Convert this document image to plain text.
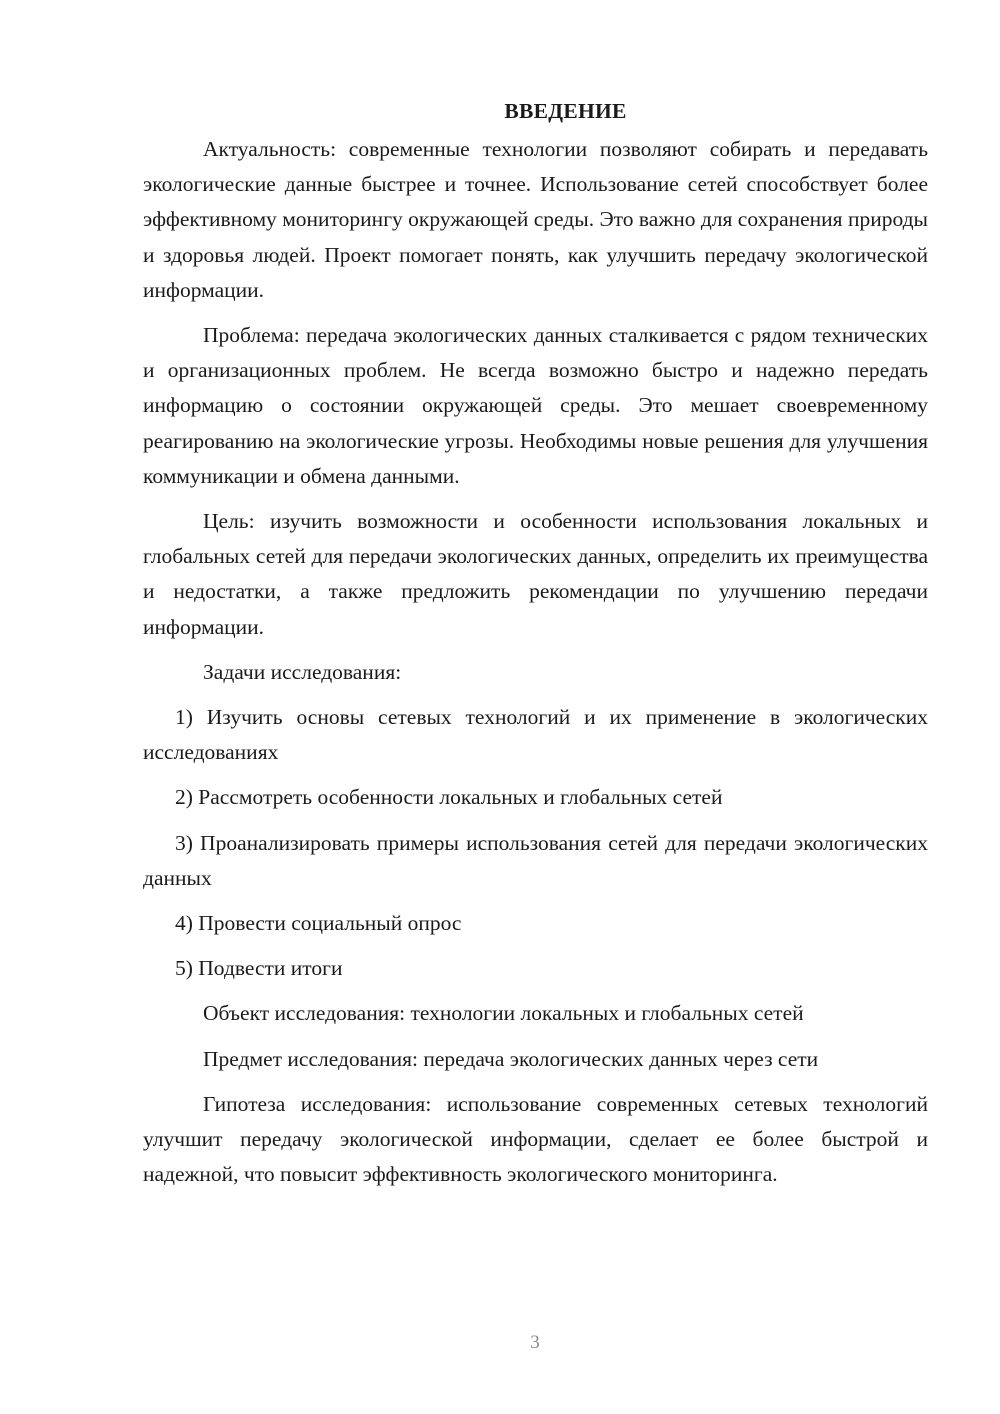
ВВЕДЕНИЕ

Актуальность: современные технологии позволяют собирать и передавать экологические данные быстрее и точнее. Использование сетей способствует более эффективному мониторингу окружающей среды. Это важно для сохранения природы и здоровья людей. Проект помогает понять, как улучшить передачу экологической информации.

Проблема: передача экологических данных сталкивается с рядом технических и организационных проблем. Не всегда возможно быстро и надежно передать информацию о состоянии окружающей среды. Это мешает своевременному реагированию на экологические угрозы. Необходимы новые решения для улучшения коммуникации и обмена данными.

Цель: изучить возможности и особенности использования локальных и глобальных сетей для передачи экологических данных, определить их преимущества и недостатки, а также предложить рекомендации по улучшению передачи информации.

Задачи исследования:

1) Изучить основы сетевых технологий и их применение в экологических исследованиях

2) Рассмотреть особенности локальных и глобальных сетей

3) Проанализировать примеры использования сетей для передачи экологических данных

4) Провести социальный опрос

5) Подвести итоги

Объект исследования: технологии локальных и глобальных сетей

Предмет исследования: передача экологических данных через сети

Гипотеза исследования: использование современных сетевых технологий улучшит передачу экологической информации, сделает ее более быстрой и надежной, что повысит эффективность экологического мониторинга.

3
